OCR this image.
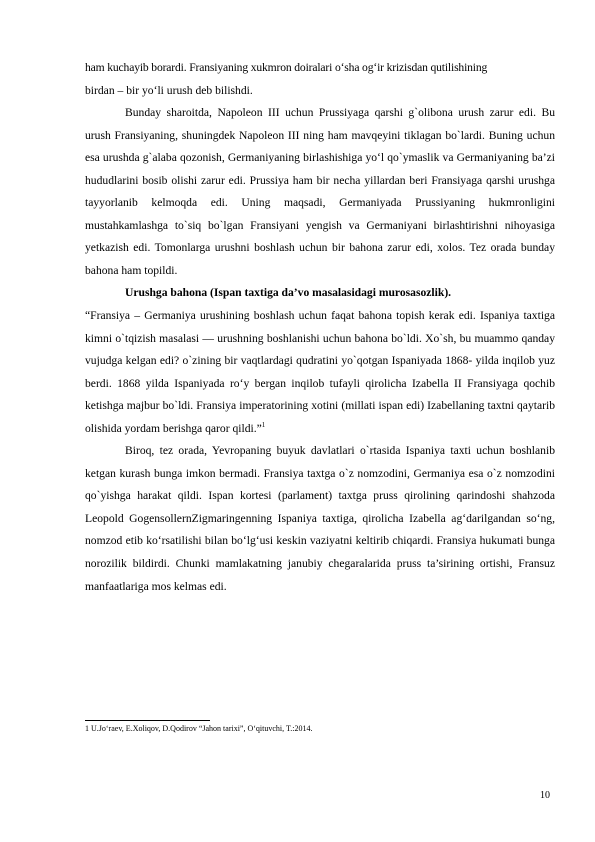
ham kuchayib borardi. Fransiyaning xukmron doiralari o‘sha og‘ir krizisdan qutilishining
birdan – bir yo‘li urush deb bilishdi.

Bunday sharoitda, Napoleon III uchun Prussiyaga qarshi g`olibona urush zarur edi. Bu urush Fransiyaning, shuningdek Napoleon III ning ham mavqeyini tiklagan bo`lardi. Buning uchun esa urushda g`alaba qozonish, Germaniyaning birlashishiga yo‘l qo`ymaslik va Germaniyaning ba’zi hududlarini bosib olishi zarur edi. Prussiya ham bir necha yillardan beri Fransiyaga qarshi urushga tayyorlanib kelmoqda edi. Uning maqsadi, Germaniyada Prussiyaning hukmronligini mustahkamlashga to`siq bo`lgan Fransiyani yengish va Germaniyani birlashtirishni nihoyasiga yetkazish edi. Tomonlarga urushni boshlash uchun bir bahona zarur edi, xolos. Tez orada bunday bahona ham topildi.

Urushga bahona (Ispan taxtiga da’vo masalasidagi murosasozlik).

“Fransiya – Germaniya urushining boshlash uchun faqat bahona topish kerak edi. Ispaniya taxtiga kimni o`tqizish masalasi — urushning boshlanishi uchun bahona bo`ldi. Xo`sh, bu muammo qanday vujudga kelgan edi? o`zining bir vaqtlardagi qudratini yo`qotgan Ispaniyada 1868- yilda inqilob yuz berdi. 1868 yilda Ispaniyada ro‘y bergan inqilob tufayli qirolicha Izabella II Fransiyaga qochib ketishga majbur bo`ldi. Fransiya imperatorining xotini (millati ispan edi) Izabellaning taxtni qaytarib olishida yordam berishga qaror qildi.”$^1$

Biroq, tez orada, Yevropaning buyuk davlatlari o`rtasida Ispaniya taxti uchun boshlanib ketgan kurash bunga imkon bermadi. Fransiya taxtga o`z nomzodini, Germaniya esa o`z nomzodini qo`yishga harakat qildi. Ispan kortesi (parlament) taxtga pruss qirolining qarindoshi shahzoda Leopold GogensollernZigmaringenning Ispaniya taxtiga, qirolicha Izabella ag‘darilgandan so‘ng, nomzod etib ko‘rsatilishi bilan bo‘lg‘usi keskin vaziyatni keltirib chiqardi. Fransiya hukumati bunga norozilik bildirdi. Chunki mamlakatning janubiy chegaralarida pruss ta’sirining ortishi, Fransuz manfaatlariga mos kelmas edi.

1 U.Jo‘raev, E.Xoliqov, D.Qodirov “Jahon tarixi”, O‘qituvchi, T.:2014.
10
